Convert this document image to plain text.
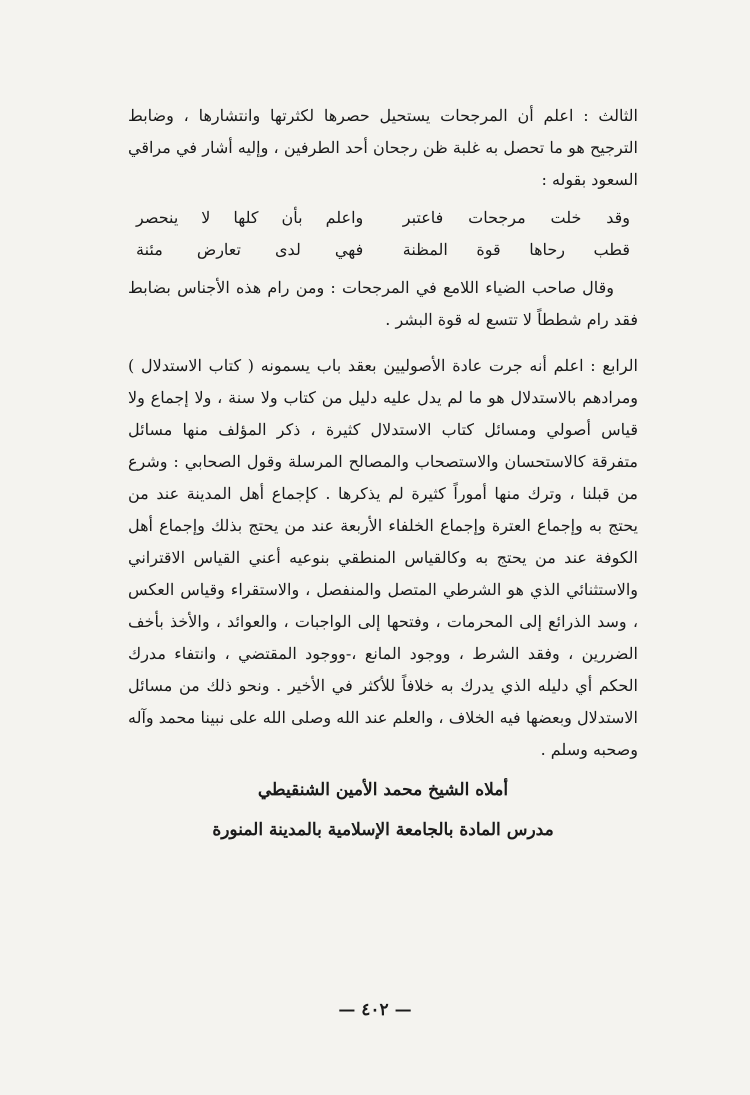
الثالث : اعلم أن المرجحات يستحيل حصرها لكثرتها وانتشارها ، وضابط الترجيح هو ما تحصل به غلبة ظن رجحان أحد الطرفين ، وإليه أشار في مراقي السعود بقوله :

وقد خلت مرجحات فاعتبر
واعلم بأن كلها لا ينحصر
قطب رحاها قوة المظنة
فهي لدى تعارض مئنة

وقال صاحب الضياء اللامع في المرجحات : ومن رام هذه الأجناس بضابط فقد رام شططاً لا تتسع له قوة البشر .

الرابع : اعلم أنه جرت عادة الأصوليين بعقد باب يسمونه ( كتاب الاستدلال ) ومرادهم بالاستدلال هو ما لم يدل عليه دليل من كتاب ولا سنة ، ولا إجماع ولا قياس أصولي ومسائل كتاب الاستدلال كثيرة ، ذكر المؤلف منها مسائل متفرقة كالاستحسان والاستصحاب والمصالح المرسلة وقول الصحابي : وشرع من قبلنا ، وترك منها أموراً كثيرة لم يذكرها . كإجماع أهل المدينة عند من يحتج به وإجماع العترة وإجماع الخلفاء الأربعة عند من يحتج بذلك وإجماع أهل الكوفة عند من يحتج به وكالقياس المنطقي بنوعيه أعني القياس الاقتراني والاستثنائي الذي هو الشرطي المتصل والمنفصل ، والاستقراء وقياس العكس ، وسد الذرائع إلى المحرمات ، وفتحها إلى الواجبات ، والعوائد ، والأخذ بأخف الضررين ، وفقد الشرط ، ووجود المانع ،-ووجود المقتضي ، وانتفاء مدرك الحكم أي دليله الذي يدرك به خلافاً للأكثر في الأخير . ونحو ذلك من مسائل الاستدلال وبعضها فيه الخلاف ، والعلم عند الله وصلى الله على نبينا محمد وآله وصحبه وسلم .

أملاه الشيخ محمد الأمين الشنقيطي

مدرس المادة بالجامعة الإسلامية بالمدينة المنورة

— ٤٠٢ —
